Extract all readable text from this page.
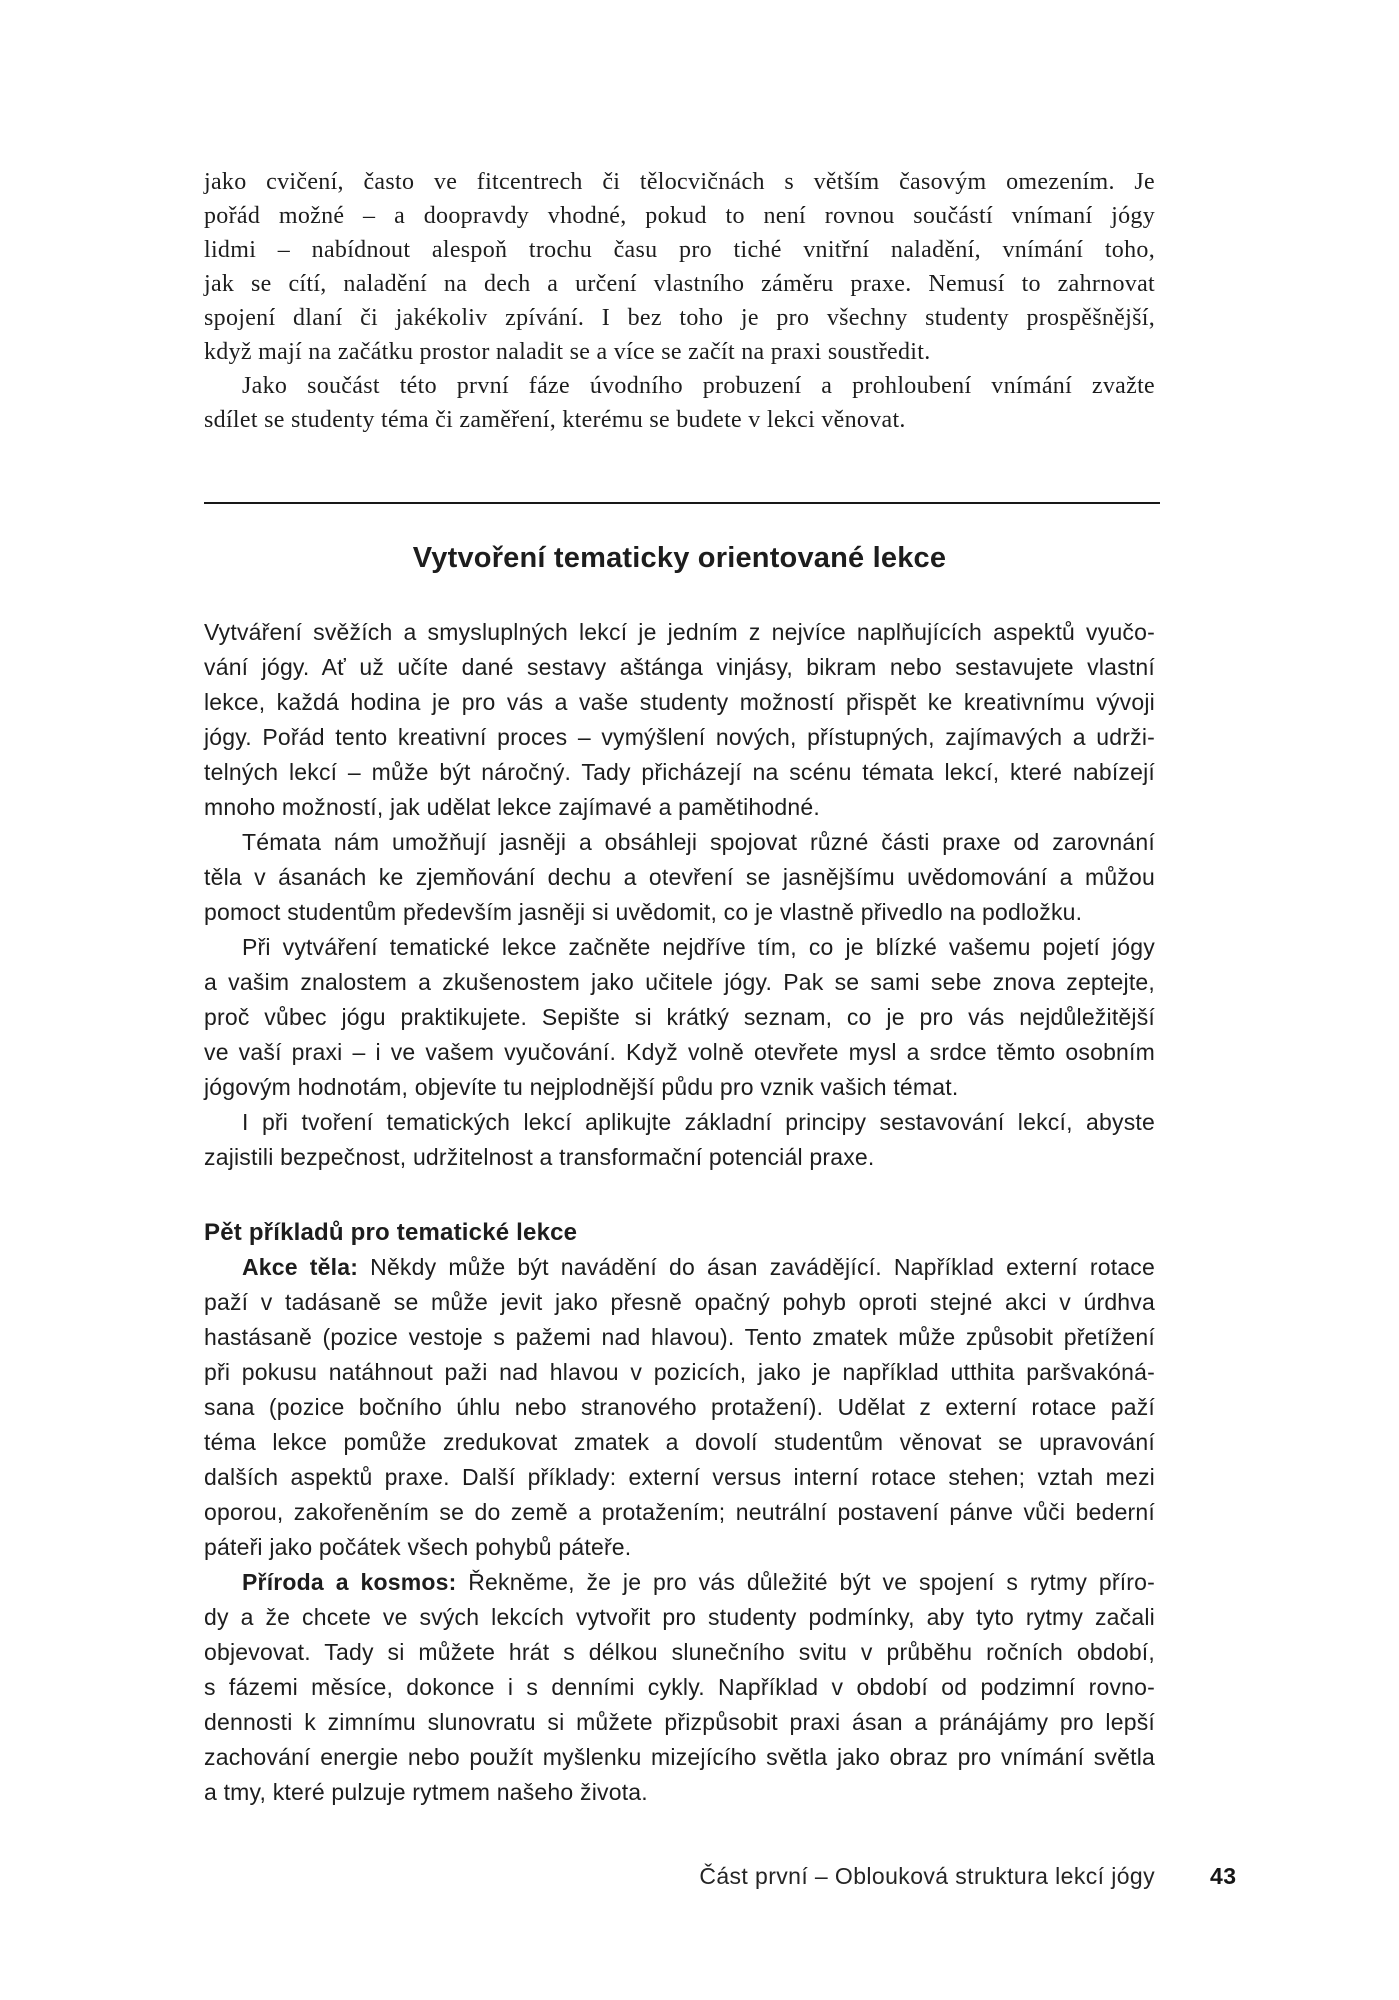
jako cvičení, často ve fitcentrech či tělocvičnách s větším časovým omezením. Je
pořád možné – a doopravdy vhodné, pokud to není rovnou součástí vnímaní jógy
lidmi – nabídnout alespoň trochu času pro tiché vnitřní naladění, vnímání toho,
jak se cítí, naladění na dech a určení vlastního záměru praxe. Nemusí to zahrnovat
spojení dlaní či jakékoliv zpívání. I bez toho je pro všechny studenty prospěšnější,
když mají na začátku prostor naladit se a více se začít na praxi soustředit.
Jako součást této první fáze úvodního probuzení a prohloubení vnímání zvažte
sdílet se studenty téma či zaměření, kterému se budete v lekci věnovat.
Vytvoření tematicky orientované lekce
Vytváření svěžích a smysluplných lekcí je jedním z nejvíce naplňujících aspektů vyučo-
vání jógy. Ať už učíte dané sestavy aštánga vinjásy, bikram nebo sestavujete vlastní
lekce, každá hodina je pro vás a vaše studenty možností přispět ke kreativnímu vývoji
jógy. Pořád tento kreativní proces – vymýšlení nových, přístupných, zajímavých a udrži-
telných lekcí – může být náročný. Tady přicházejí na scénu témata lekcí, které nabízejí
mnoho možností, jak udělat lekce zajímavé a pamětihodné.
Témata nám umožňují jasněji a obsáhleji spojovat různé části praxe od zarovnání
těla v ásanách ke zjemňování dechu a otevření se jasnějšímu uvědomování a můžou
pomoct studentům především jasněji si uvědomit, co je vlastně přivedlo na podložku.
Při vytváření tematické lekce začněte nejdříve tím, co je blízké vašemu pojetí jógy
a vašim znalostem a zkušenostem jako učitele jógy. Pak se sami sebe znova zeptejte,
proč vůbec jógu praktikujete. Sepište si krátký seznam, co je pro vás nejdůležitější
ve vaší praxi – i ve vašem vyučování. Když volně otevřete mysl a srdce těmto osobním
jógovým hodnotám, objevíte tu nejplodnější půdu pro vznik vašich témat.
I při tvoření tematických lekcí aplikujte základní principy sestavování lekcí, abyste
zajistili bezpečnost, udržitelnost a transformační potenciál praxe.
Pět příkladů pro tematické lekce
Akce těla: Někdy může být navádění do ásan zavádějící. Například externí rotace
paží v tadásaně se může jevit jako přesně opačný pohyb oproti stejné akci v úrdhva
hastásaně (pozice vestoje s pažemi nad hlavou). Tento zmatek může způsobit přetížení
při pokusu natáhnout paži nad hlavou v pozicích, jako je například utthita paršvakóná-
sana (pozice bočního úhlu nebo stranového protažení). Udělat z externí rotace paží
téma lekce pomůže zredukovat zmatek a dovolí studentům věnovat se upravování
dalších aspektů praxe. Další příklady: externí versus interní rotace stehen; vztah mezi
oporou, zakořeněním se do země a protažením; neutrální postavení pánve vůči bederní
páteři jako počátek všech pohybů páteře.
Příroda a kosmos: Řekněme, že je pro vás důležité být ve spojení s rytmy příro-
dy a že chcete ve svých lekcích vytvořit pro studenty podmínky, aby tyto rytmy začali
objevovat. Tady si můžete hrát s délkou slunečního svitu v průběhu ročních období,
s fázemi měsíce, dokonce i s denními cykly. Například v období od podzimní rovno-
dennosti k zimnímu slunovratu si můžete přizpůsobit praxi ásan a pránájámy pro lepší
zachování energie nebo použít myšlenku mizejícího světla jako obraz pro vnímání světla
a tmy, které pulzuje rytmem našeho života.
Část první – Oblouková struktura lekcí jógy 43
